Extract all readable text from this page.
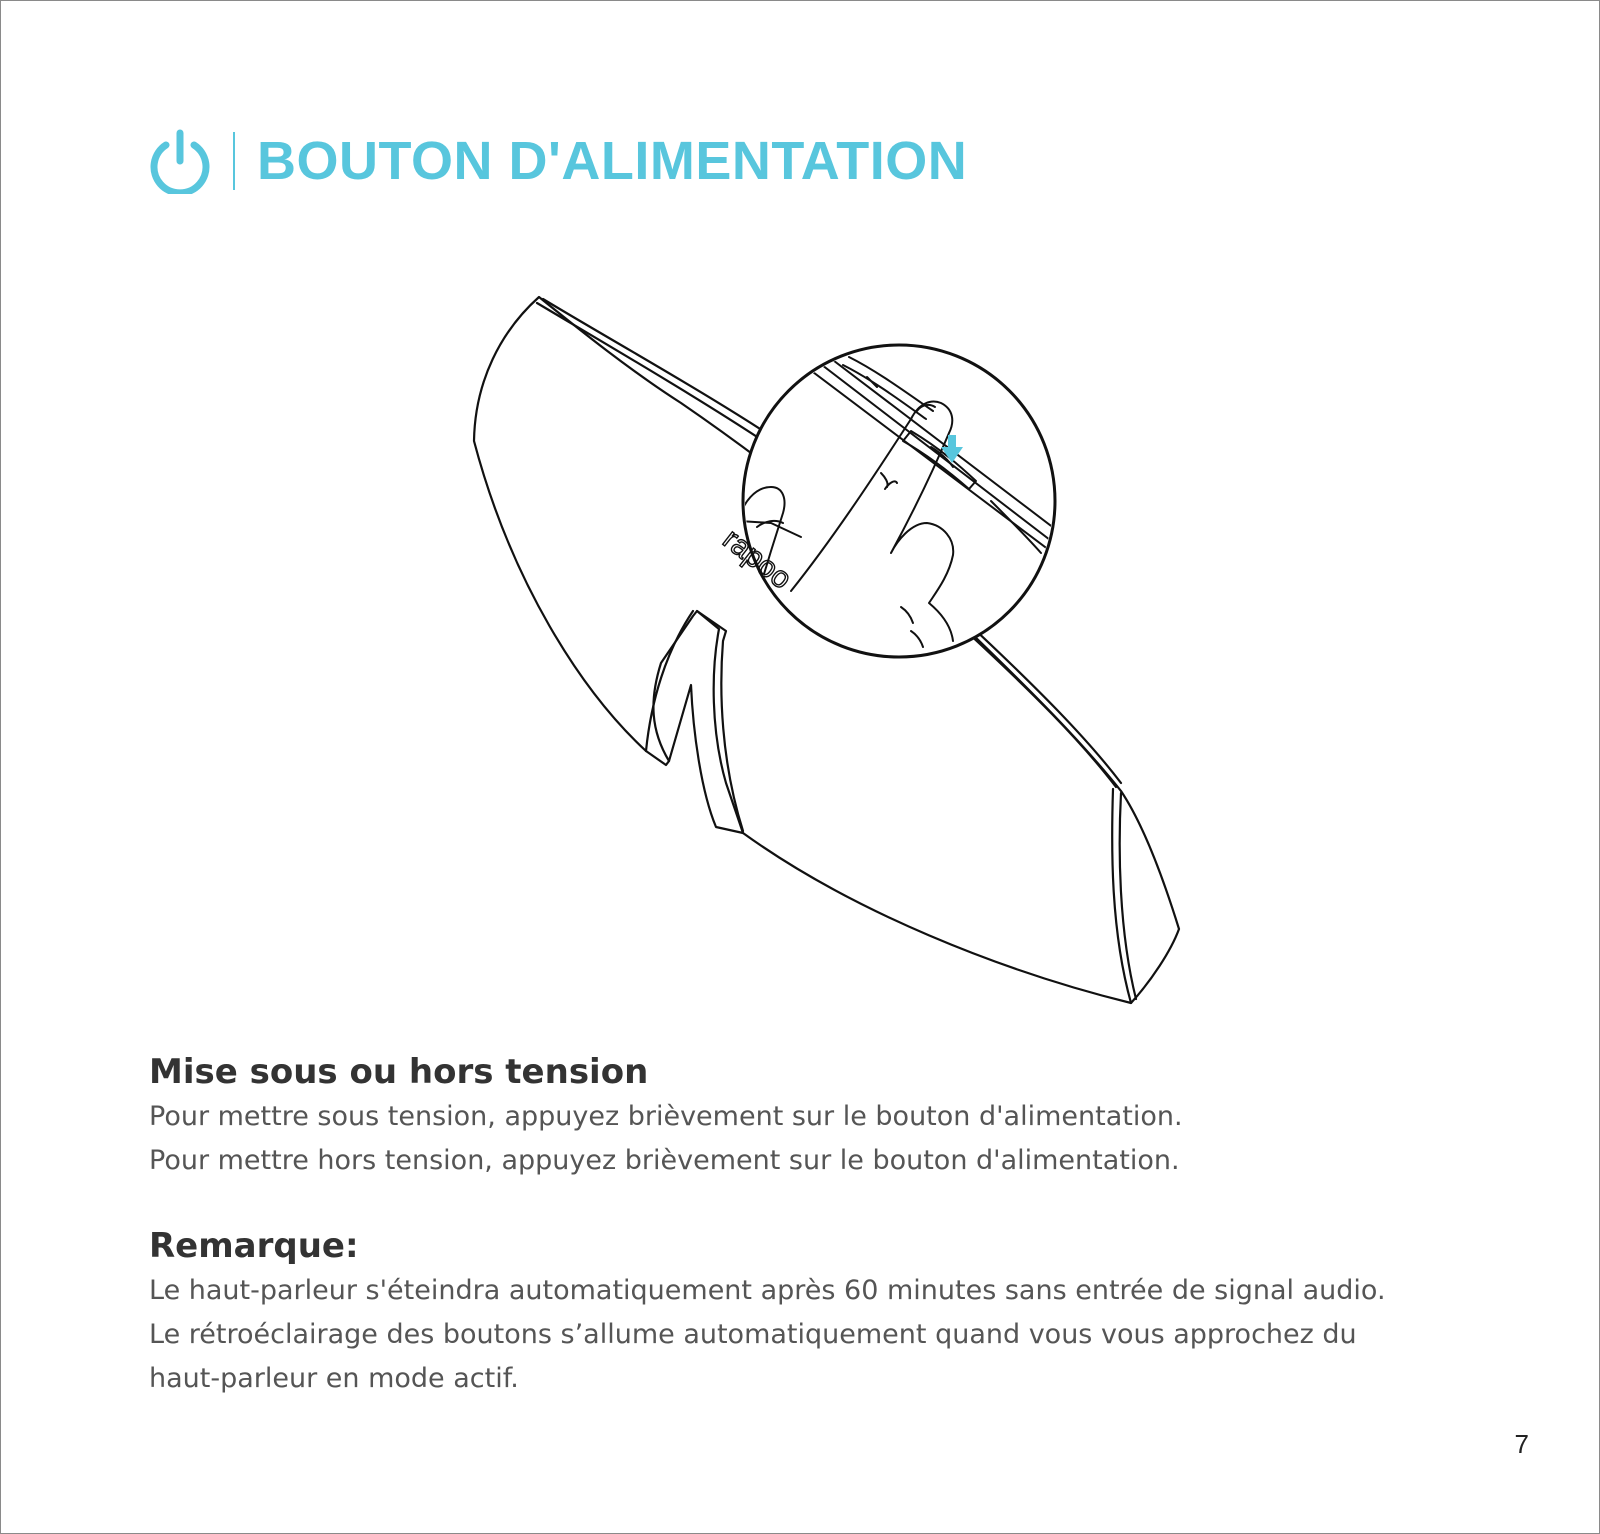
BOUTON D'ALIMENTATION
rapoo
Mise sous ou hors tension
Pour mettre sous tension, appuyez brièvement sur le bouton d'alimentation.
Pour mettre hors tension, appuyez brièvement sur le bouton d'alimentation.
Remarque:
Le haut-parleur s'éteindra automatiquement après 60 minutes sans entrée de signal audio.
Le rétroéclairage des boutons s’allume automatiquement quand vous vous approchez du
haut-parleur en mode actif.
7
